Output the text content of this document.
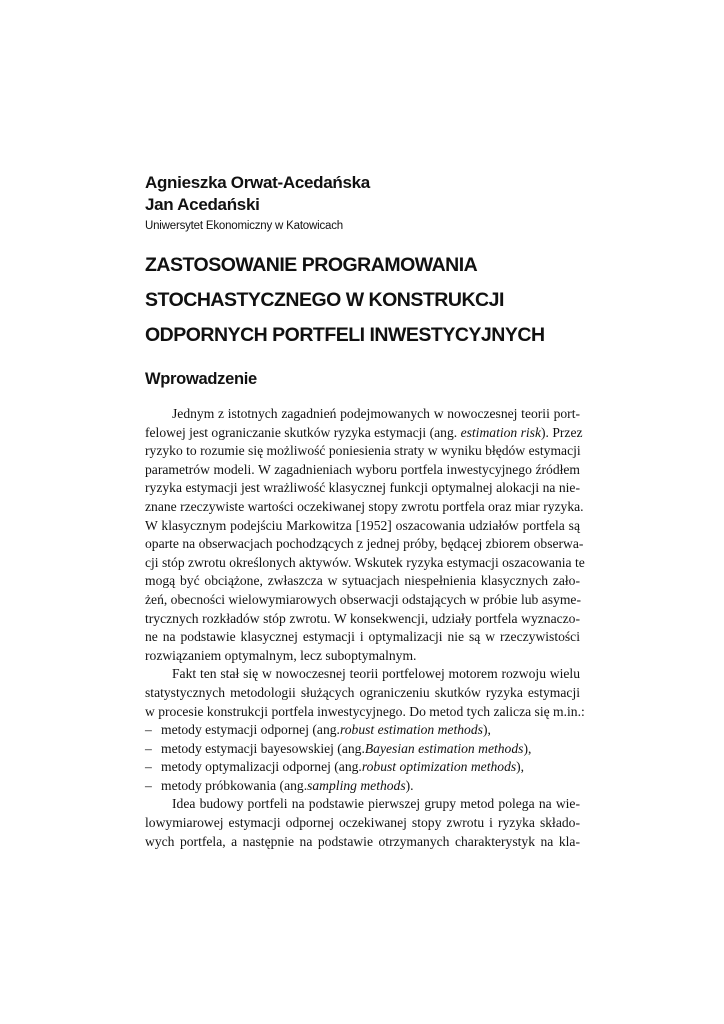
Agnieszka Orwat-Acedańska
Jan Acedański
Uniwersytet Ekonomiczny w Katowicach
ZASTOSOWANIE PROGRAMOWANIA
STOCHASTYCZNEGO W KONSTRUKCJI
ODPORNYCH PORTFELI INWESTYCYJNYCH
Wprowadzenie
Jednym z istotnych zagadnień podejmowanych w nowoczesnej teorii port-
felowej jest ograniczanie skutków ryzyka estymacji (ang. estimation risk). Przez
ryzyko to rozumie się możliwość poniesienia straty w wyniku błędów estymacji
parametrów modeli. W zagadnieniach wyboru portfela inwestycyjnego źródłem
ryzyka estymacji jest wrażliwość klasycznej funkcji optymalnej alokacji na nie-
znane rzeczywiste wartości oczekiwanej stopy zwrotu portfela oraz miar ryzyka.
W klasycznym podejściu Markowitza [1952] oszacowania udziałów portfela są
oparte na obserwacjach pochodzących z jednej próby, będącej zbiorem obserwa-
cji stóp zwrotu określonych aktywów. Wskutek ryzyka estymacji oszacowania te
mogą być obciążone, zwłaszcza w sytuacjach niespełnienia klasycznych zało-
żeń, obecności wielowymiarowych obserwacji odstających w próbie lub asyme-
trycznych rozkładów stóp zwrotu. W konsekwencji, udziały portfela wyznaczo-
ne na podstawie klasycznej estymacji i optymalizacji nie są w rzeczywistości
rozwiązaniem optymalnym, lecz suboptymalnym.
Fakt ten stał się w nowoczesnej teorii portfelowej motorem rozwoju wielu
statystycznych metodologii służących ograniczeniu skutków ryzyka estymacji
w procesie konstrukcji portfela inwestycyjnego. Do metod tych zalicza się m.in.:
– metody estymacji odpornej (ang. robust estimation methods ),
– metody estymacji bayesowskiej (ang. Bayesian estimation methods ),
– metody optymalizacji odpornej (ang. robust optimization methods ),
– metody próbkowania (ang. sampling methods ).
Idea budowy portfeli na podstawie pierwszej grupy metod polega na wie-
lowymiarowej estymacji odpornej oczekiwanej stopy zwrotu i ryzyka składo-
wych portfela, a następnie na podstawie otrzymanych charakterystyk na kla-
